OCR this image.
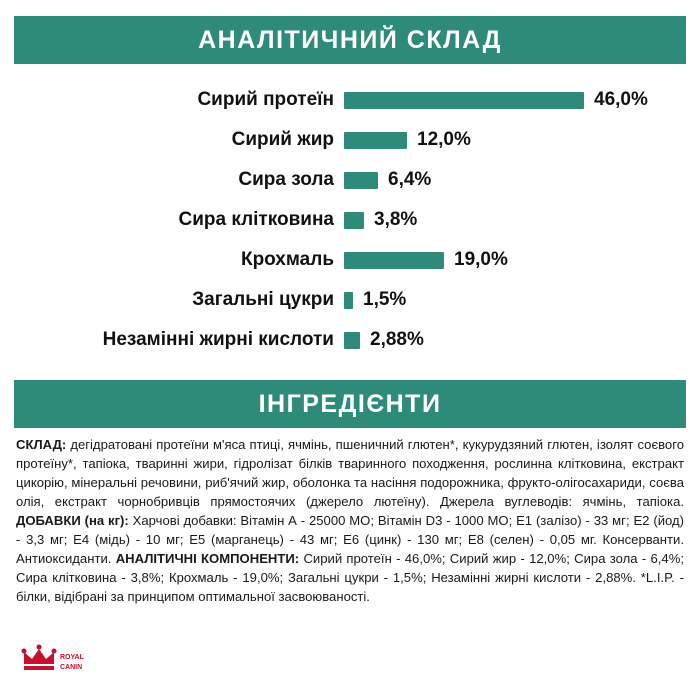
АНАЛІТИЧНИЙ СКЛАД
Сирий протеїн	46,0%
Сирий жир	12,0%
Сира зола	6,4%
Сира клітковина	3,8%
Крохмаль	19,0%
Загальні цукри	1,5%
Незамінні жирні кислоти	2,88%
ІНГРЕДІЄНТИ
СКЛАД: дегідратовані протеїни м'яса птиці, ячмінь, пшеничний глютен*, кукурудзяний глютен, ізолят соєвого протеїну*, тапіока, тваринні жири, гідролізат білків тваринного походження, рослинна клітковина, екстракт цикорію, мінеральні речовини, риб'ячий жир, оболонка та насіння подорожника, фрукто-олігосахариди, соєва олія, екстракт чорнобривців прямостоячих (джерело лютеїну). Джерела вуглеводів: ячмінь, тапіока. ДОБАВКИ (на кг): Харчові добавки: Вітамін А - 25000 МО; Вітамін D3 - 1000 МО; Е1 (залізо) - 33 мг; Е2 (йод) - 3,3 мг; Е4 (мідь) - 10 мг; Е5 (марганець) - 43 мг; Е6 (цинк) - 130 мг; Е8 (селен) - 0,05 мг. Консерванти. Антиоксиданти. АНАЛІТИЧНІ КОМПОНЕНТИ: Сирий протеїн - 46,0%; Сирий жир - 12,0%; Сира зола - 6,4%; Сира клітковина - 3,8%; Крохмаль - 19,0%; Загальні цукри - 1,5%; Незамінні жирні кислоти - 2,88%. *L.I.P. - білки, відібрані за принципом оптимальної засвоюваності.
ROYAL
CANIN
